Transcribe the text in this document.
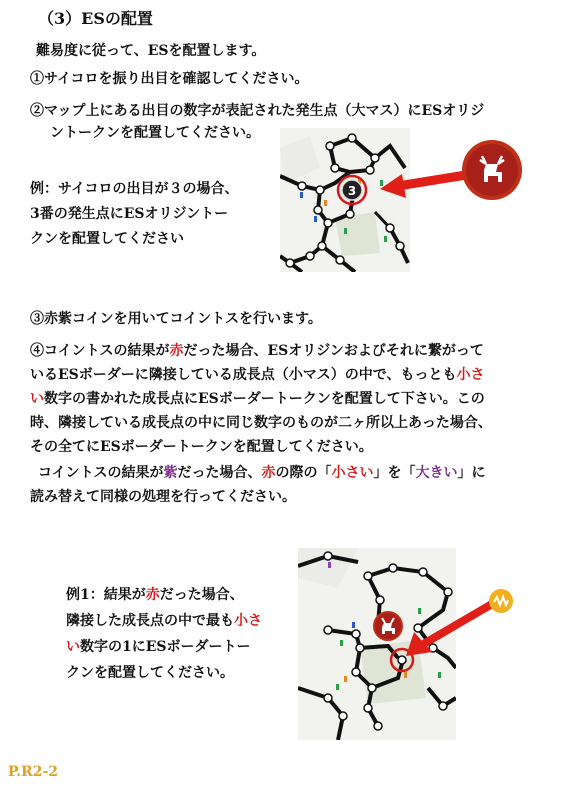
（3）ESの配置
難易度に従って、ESを配置します。
①サイコロを振り出目を確認してください。
②マップ上にある出目の数字が表記された発生点（大マス）にESオリジ
ントークンを配置してください。
例：サイコロの出目が３の場合、
3番の発生点にESオリジントー
クンを配置してください
3
③赤紫コインを用いてコイントスを行います。
④コイントスの結果が赤だった場合、ESオリジンおよびそれに繋がって
いるESボーダーに隣接している成長点（小マス）の中で、もっとも小さ
い数字の書かれた成長点にESボーダートークンを配置して下さい。この
時、隣接している成長点の中に同じ数字のものが二ヶ所以上あった場合、
その全てにESボーダートークンを配置してください。
コイントスの結果が紫だった場合、赤の際の「小さい」を「大きい」に
読み替えて同様の処理を行ってください。
例1：結果が赤だった場合、
隣接した成長点の中で最も小さ
い数字の1にESボーダートー
クンを配置してください。
P.R2-2
